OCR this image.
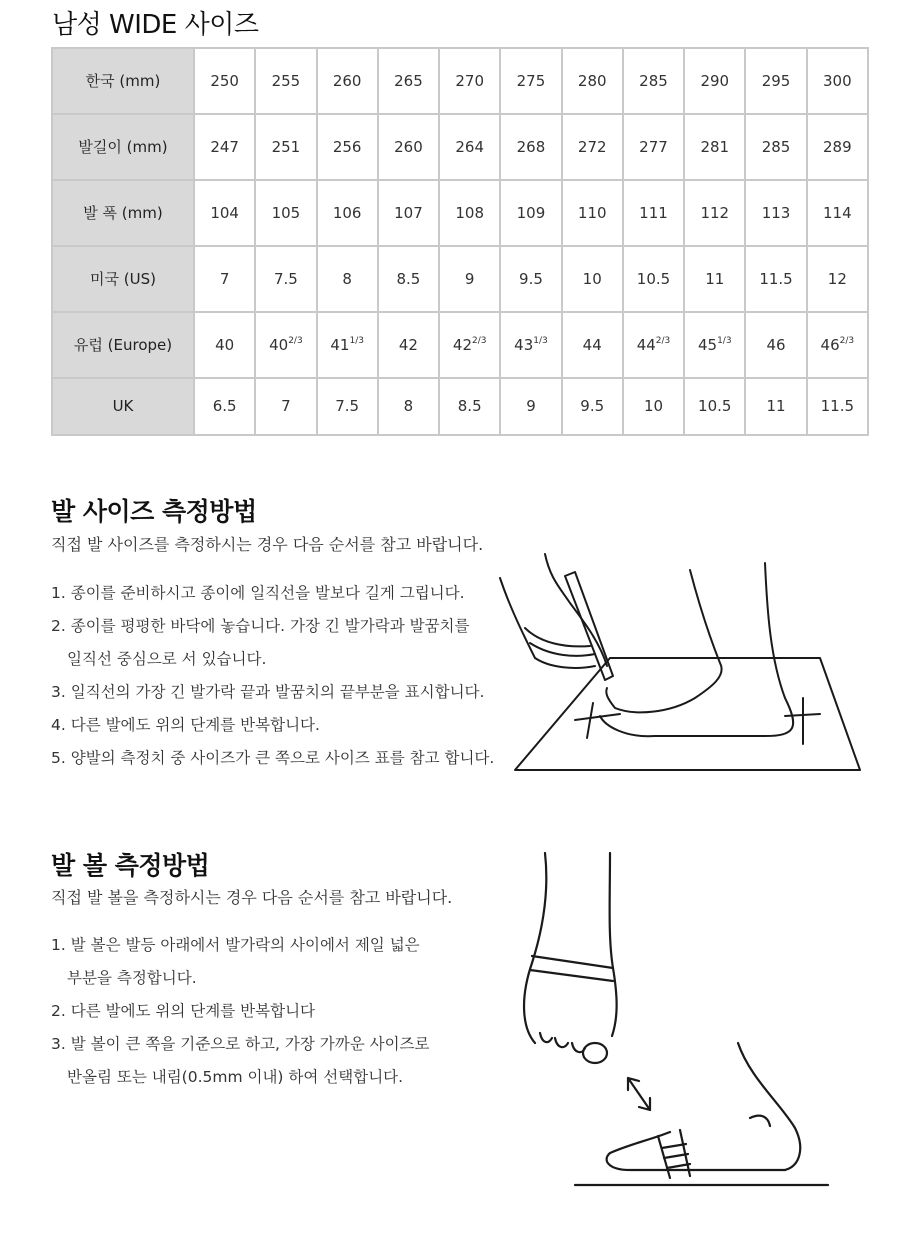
남성 WIDE 사이즈
한국 (mm)	250	255	260	265	270	275	280	285	290	295	300
발길이 (mm)	247	251	256	260	264	268	272	277	281	285	289
발 폭 (mm)	104	105	106	107	108	109	110	111	112	113	114
미국 (US)	7	7.5	8	8.5	9	9.5	10	10.5	11	11.5	12
유럽 (Europe)	40	$40^{2/3}$	$41^{1/3}$	42	$42^{2/3}$	$43^{1/3}$	44	$44^{2/3}$	$45^{1/3}$	46	$46^{2/3}$
UK	6.5	7	7.5	8	8.5	9	9.5	10	10.5	11	11.5
발 사이즈 측정방법

직접 발 사이즈를 측정하시는 경우 다음 순서를 참고 바랍니다.

1. 종이를 준비하시고 종이에 일직선을 발보다 길게 그립니다.
2. 종이를 평평한 바닥에 놓습니다. 가장 긴 발가락과 발꿈치를
일직선 중심으로 서 있습니다.
3. 일직선의 가장 긴 발가락 끝과 발꿈치의 끝부분을 표시합니다.
4. 다른 발에도 위의 단계를 반복합니다.
5. 양발의 측정치 중 사이즈가 큰 쪽으로 사이즈 표를 참고 합니다.
발 볼 측정방법

직접 발 볼을 측정하시는 경우 다음 순서를 참고 바랍니다.

1. 발 볼은 발등 아래에서 발가락의 사이에서 제일 넓은
부분을 측정합니다.
2. 다른 발에도 위의 단계를 반복합니다
3. 발 볼이 큰 쪽을 기준으로 하고, 가장 가까운 사이즈로
반올림 또는 내림(0.5mm 이내) 하여 선택합니다.
